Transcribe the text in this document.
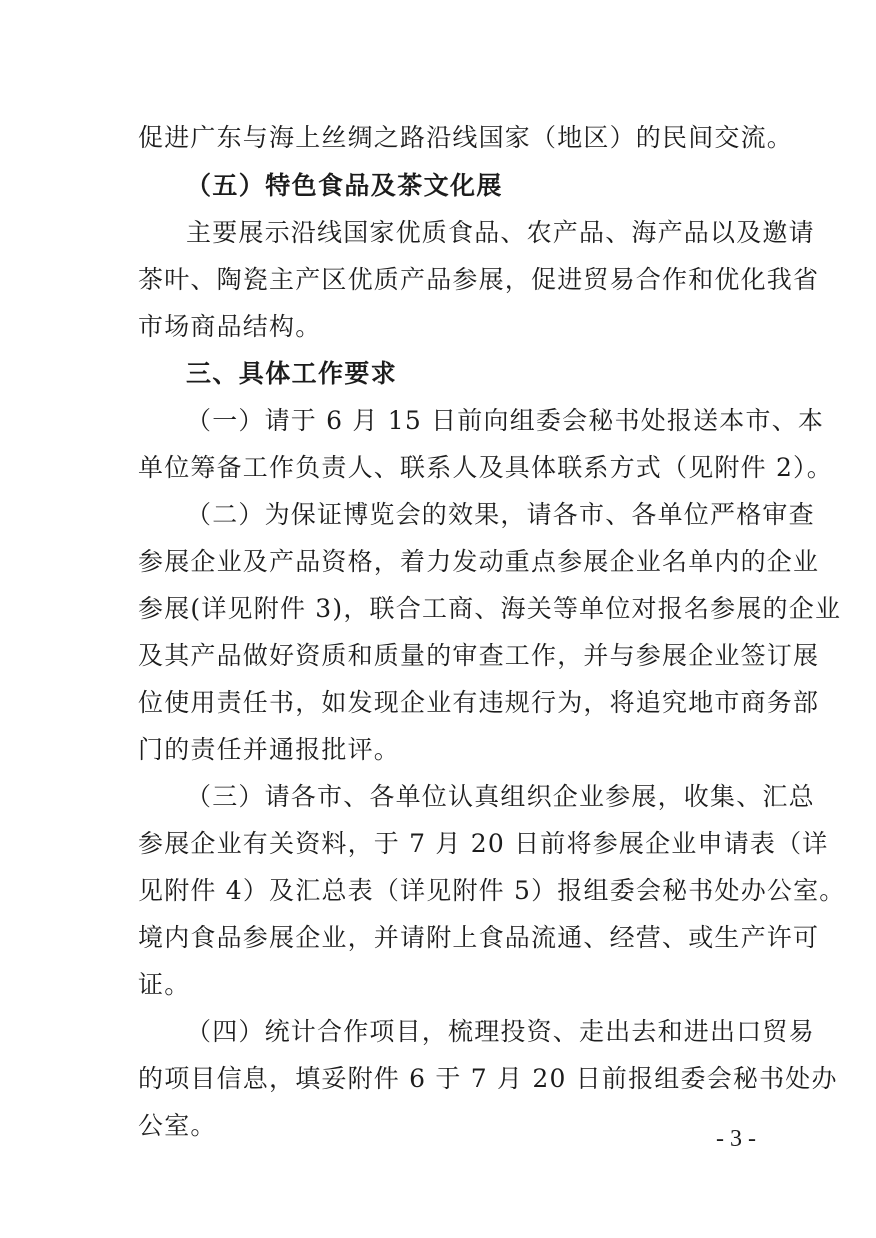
促进广东与海上丝绸之路沿线国家（地区）的民间交流。
（五）特色食品及茶文化展
主要展示沿线国家优质食品、农产品、海产品以及邀请
茶叶、陶瓷主产区优质产品参展，促进贸易合作和优化我省
市场商品结构。
三、具体工作要求
（一）请于 6 月 15 日前向组委会秘书处报送本市、本
单位筹备工作负责人、联系人及具体联系方式（见附件 2）。
（二）为保证博览会的效果，请各市、各单位严格审查
参展企业及产品资格，着力发动重点参展企业名单内的企业
参展(详见附件 3)，联合工商、海关等单位对报名参展的企业
及其产品做好资质和质量的审查工作，并与参展企业签订展
位使用责任书，如发现企业有违规行为，将追究地市商务部
门的责任并通报批评。
（三）请各市、各单位认真组织企业参展，收集、汇总
参展企业有关资料，于 7 月 20 日前将参展企业申请表（详
见附件 4）及汇总表（详见附件 5）报组委会秘书处办公室。
境内食品参展企业，并请附上食品流通、经营、或生产许可
证。
（四）统计合作项目，梳理投资、走出去和进出口贸易
的项目信息，填妥附件 6 于 7 月 20 日前报组委会秘书处办
公室。	- 3 -
